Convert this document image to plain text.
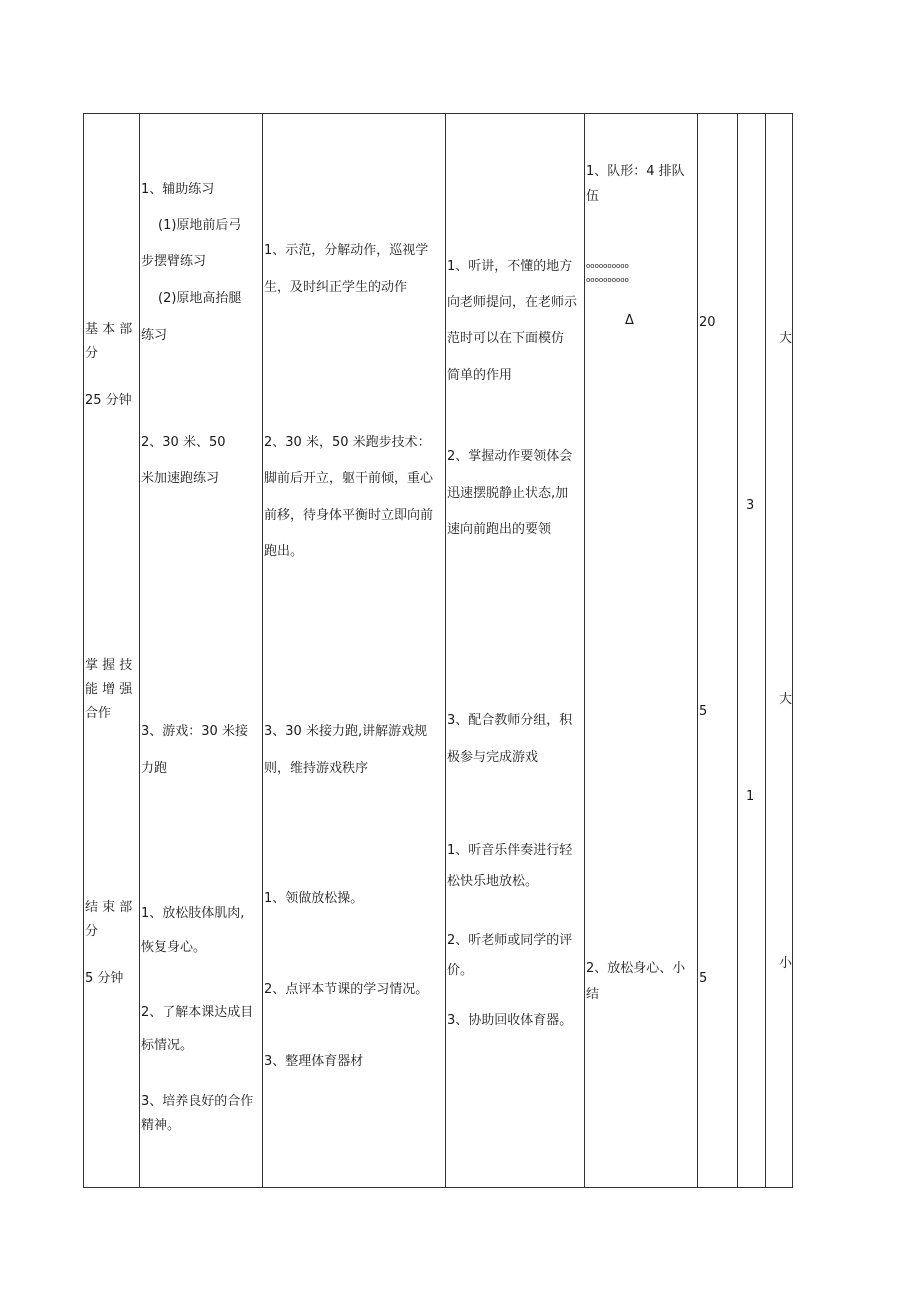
基 本 部
分
25 分钟
掌 握 技
能 增 强
合作
结 束 部
分
5 分钟
1、辅助练习
(1)原地前后弓
步摆臂练习
(2)原地高抬腿
练习
2、30 米、50
米加速跑练习
3、游戏：30 米接
力跑
1、放松肢体肌肉,
恢复身心。
2、了解本课达成目
标情况。
3、培养良好的合作
精神。
1、示范，分解动作，巡视学
生，及时纠正学生的动作
2、30 米，50 米跑步技术：
脚前后开立，躯干前倾，重心
前移，待身体平衡时立即向前
跑出。
3、30 米接力跑,讲解游戏规
则，维持游戏秩序
1、领做放松操。
2、点评本节课的学习情况。
3、整理体育器材
1、听讲，不懂的地方
向老师提问，在老师示
范时可以在下面模仿
简单的作用
2、掌握动作要领体会
迅速摆脱静止状态,加
速向前跑出的要领
3、配合教师分组，积
极参与完成游戏
1、听音乐伴奏进行轻
松快乐地放松。
2、听老师或同学的评
价。
3、协助回收体育器。
1、队形：4 排队
伍
oooooooooo
oooooooooo
Δ
2、放松身心、小
结
20
5
5
3
1
大
大
小
